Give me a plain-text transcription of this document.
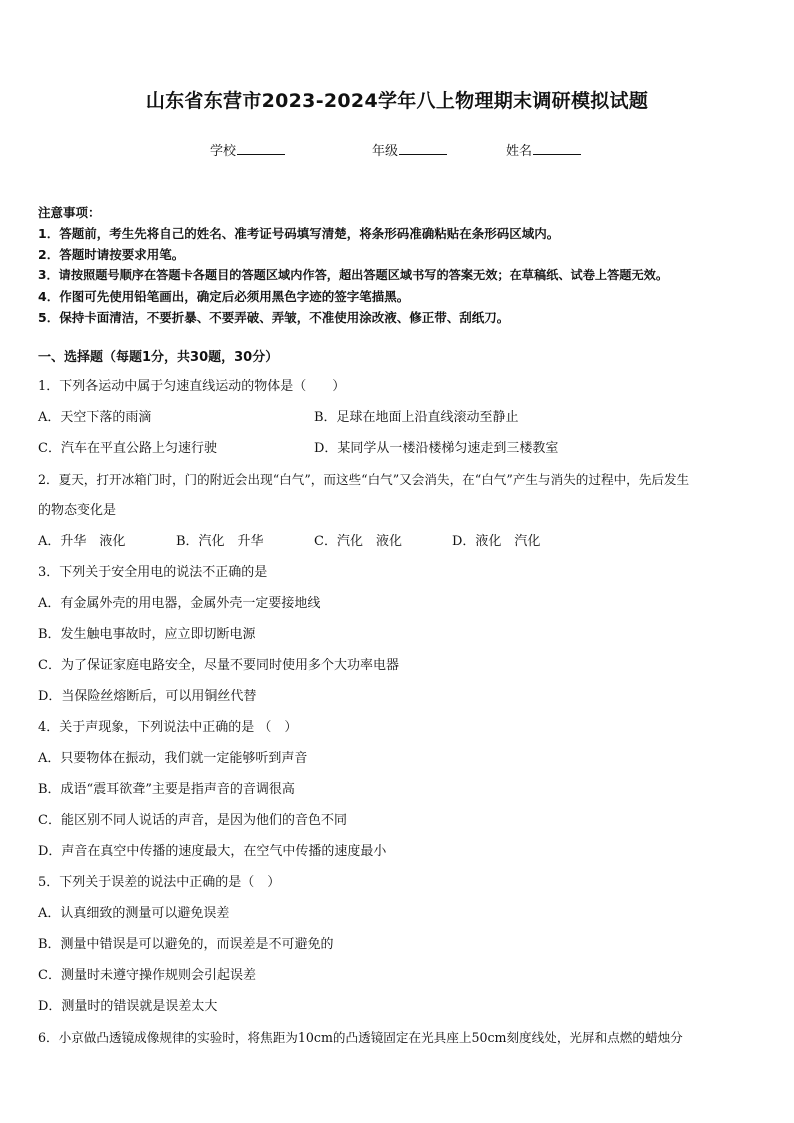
山东省东营市2023-2024学年八上物理期末调研模拟试题
学校	年级	姓名
注意事项：
1．答题前，考生先将自己的姓名、准考证号码填写清楚，将条形码准确粘贴在条形码区域内。
2．答题时请按要求用笔。
3．请按照题号顺序在答题卡各题目的答题区域内作答，超出答题区域书写的答案无效；在草稿纸、试卷上答题无效。
4．作图可先使用铅笔画出，确定后必须用黑色字迹的签字笔描黑。
5．保持卡面清洁，不要折暴、不要弄破、弄皱，不准使用涂改液、修正带、刮纸刀。
一、选择题（每题1分，共30题，30分）
1．下列各运动中属于匀速直线运动的物体是（　　）
A．天空下落的雨滴	B．足球在地面上沿直线滚动至静止
C．汽车在平直公路上匀速行驶	D．某同学从一楼沿楼梯匀速走到三楼教室
2．夏天，打开冰箱门时，门的附近会出现“白气”，而这些“白气”又会消失，在“白气”产生与消失的过程中，先后发生
的物态变化是
A．升华　液化	B．汽化　升华	C．汽化　液化	D．液化　汽化
3．下列关于安全用电的说法不正确的是
A．有金属外壳的用电器，金属外壳一定要接地线
B．发生触电事故时，应立即切断电源
C．为了保证家庭电路安全，尽量不要同时使用多个大功率电器
D．当保险丝熔断后，可以用铜丝代替
4．关于声现象，下列说法中正确的是 （　）
A．只要物体在振动，我们就一定能够听到声音
B．成语“震耳欲聋”主要是指声音的音调很高
C．能区别不同人说话的声音，是因为他们的音色不同
D．声音在真空中传播的速度最大，在空气中传播的速度最小
5．下列关于误差的说法中正确的是（　）
A．认真细致的测量可以避免误差
B．测量中错误是可以避免的，而误差是不可避免的
C．测量时未遵守操作规则会引起误差
D．测量时的错误就是误差太大
6．小京做凸透镜成像规律的实验时，将焦距为10cm的凸透镜固定在光具座上50cm刻度线处，光屏和点燃的蜡烛分
